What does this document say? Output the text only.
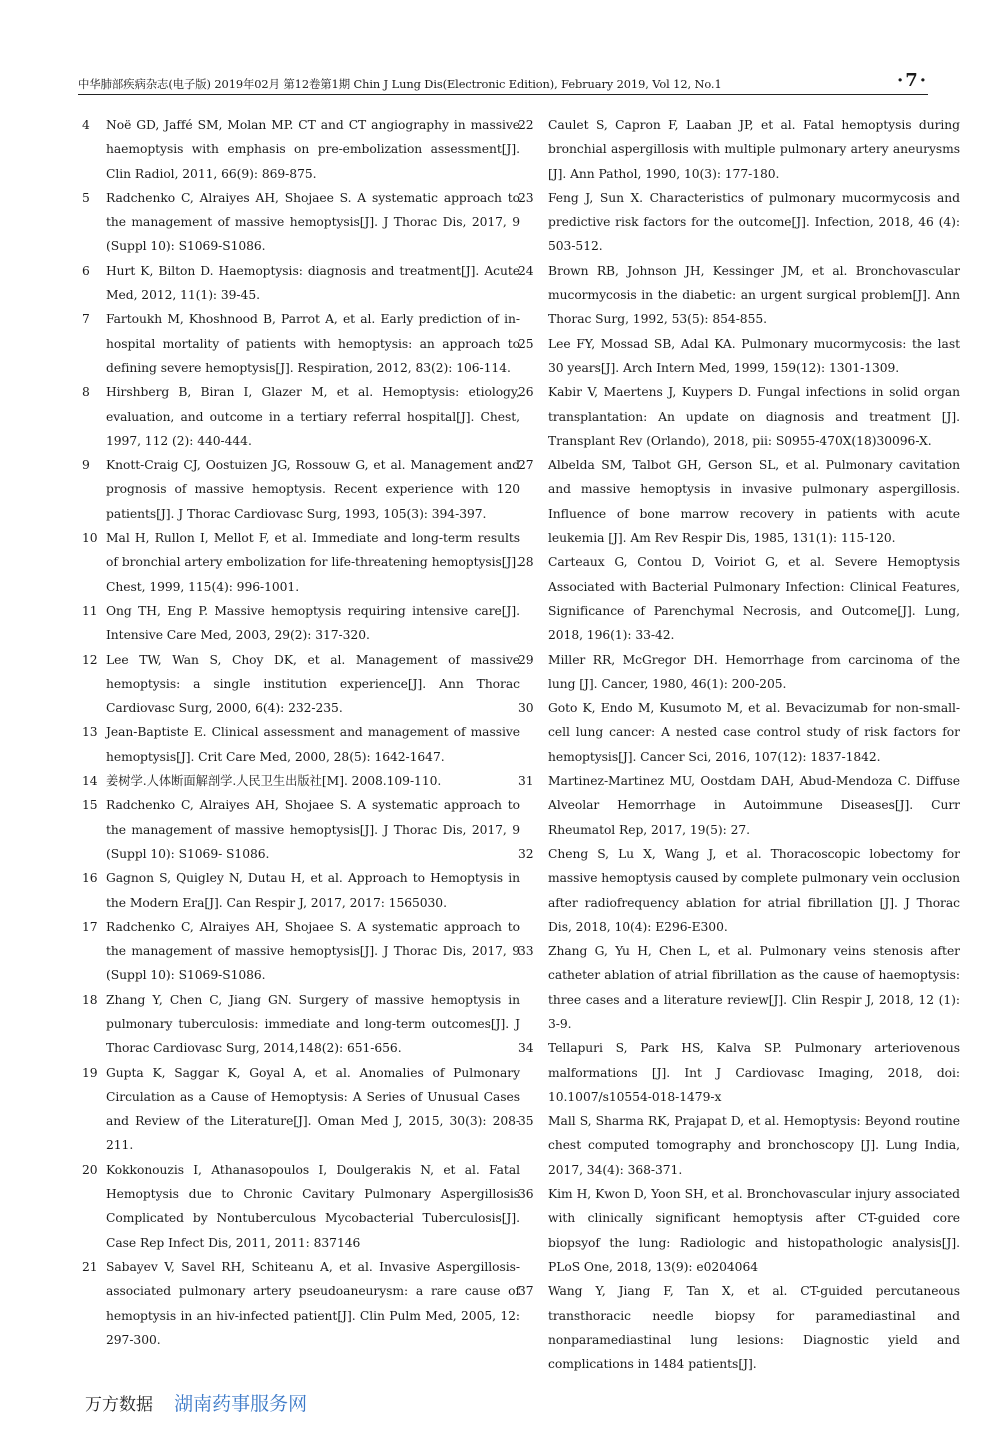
中华肺部疾病杂志(电子版) 2019年02月 第12卷第1期 Chin J Lung Dis(Electronic Edition), February 2019, Vol 12, No.1	·7·
4 Noë GD, Jaffé SM, Molan MP. CT and CT angiography in massive haemoptysis with emphasis on pre-embolization assessment[J]. Clin Radiol, 2011, 66(9): 869-875.
5 Radchenko C, Alraiyes AH, Shojaee S. A systematic approach to the management of massive hemoptysis[J]. J Thorac Dis, 2017, 9 (Suppl 10): S1069-S1086.
6 Hurt K, Bilton D. Haemoptysis: diagnosis and treatment[J]. Acute Med, 2012, 11(1): 39-45.
7 Fartoukh M, Khoshnood B, Parrot A, et al. Early prediction of in-hospital mortality of patients with hemoptysis: an approach to defining severe hemoptysis[J]. Respiration, 2012, 83(2): 106-114.
8 Hirshberg B, Biran I, Glazer M, et al. Hemoptysis: etiology, evaluation, and outcome in a tertiary referral hospital[J]. Chest, 1997, 112 (2): 440-444.
9 Knott-Craig CJ, Oostuizen JG, Rossouw G, et al. Management and prognosis of massive hemoptysis. Recent experience with 120 patients[J]. J Thorac Cardiovasc Surg, 1993, 105(3): 394-397.
10 Mal H, Rullon I, Mellot F, et al. Immediate and long-term results of bronchial artery embolization for life-threatening hemoptysis[J]. Chest, 1999, 115(4): 996-1001.
11 Ong TH, Eng P. Massive hemoptysis requiring intensive care[J]. Intensive Care Med, 2003, 29(2): 317-320.
12 Lee TW, Wan S, Choy DK, et al. Management of massive hemoptysis: a single institution experience[J]. Ann Thorac Cardiovasc Surg, 2000, 6(4): 232-235.
13 Jean-Baptiste E. Clinical assessment and management of massive hemoptysis[J]. Crit Care Med, 2000, 28(5): 1642-1647.
14 姜树学.人体断面解剖学.人民卫生出版社[M]. 2008.109-110.
15 Radchenko C, Alraiyes AH, Shojaee S. A systematic approach to the management of massive hemoptysis[J]. J Thorac Dis, 2017, 9 (Suppl 10): S1069- S1086.
16 Gagnon S, Quigley N, Dutau H, et al. Approach to Hemoptysis in the Modern Era[J]. Can Respir J, 2017, 2017: 1565030.
17 Radchenko C, Alraiyes AH, Shojaee S. A systematic approach to the management of massive hemoptysis[J]. J Thorac Dis, 2017, 9 (Suppl 10): S1069-S1086.
18 Zhang Y, Chen C, Jiang GN. Surgery of massive hemoptysis in pulmonary tuberculosis: immediate and long-term outcomes[J]. J Thorac Cardiovasc Surg, 2014,148(2): 651-656.
19 Gupta K, Saggar K, Goyal A, et al. Anomalies of Pulmonary Circulation as a Cause of Hemoptysis: A Series of Unusual Cases and Review of the Literature[J]. Oman Med J, 2015, 30(3): 208-211.
20 Kokkonouzis I, Athanasopoulos I, Doulgerakis N, et al. Fatal Hemoptysis due to Chronic Cavitary Pulmonary Aspergillosis Complicated by Nontuberculous Mycobacterial Tuberculosis[J]. Case Rep Infect Dis, 2011, 2011: 837146
21 Sabayev V, Savel RH, Schiteanu A, et al. Invasive Aspergillosis-associated pulmonary artery pseudoaneurysm: a rare cause of hemoptysis in an hiv-infected patient[J]. Clin Pulm Med, 2005, 12: 297-300.
22 Caulet S, Capron F, Laaban JP, et al. Fatal hemoptysis during bronchial aspergillosis with multiple pulmonary artery aneurysms [J]. Ann Pathol, 1990, 10(3): 177-180.
23 Feng J, Sun X. Characteristics of pulmonary mucormycosis and predictive risk factors for the outcome[J]. Infection, 2018, 46 (4): 503-512.
24 Brown RB, Johnson JH, Kessinger JM, et al. Bronchovascular mucormycosis in the diabetic: an urgent surgical problem[J]. Ann Thorac Surg, 1992, 53(5): 854-855.
25 Lee FY, Mossad SB, Adal KA. Pulmonary mucormycosis: the last 30 years[J]. Arch Intern Med, 1999, 159(12): 1301-1309.
26 Kabir V, Maertens J, Kuypers D. Fungal infections in solid organ transplantation: An update on diagnosis and treatment [J]. Transplant Rev (Orlando), 2018, pii: S0955-470X(18)30096-X.
27 Albelda SM, Talbot GH, Gerson SL, et al. Pulmonary cavitation and massive hemoptysis in invasive pulmonary aspergillosis. Influence of bone marrow recovery in patients with acute leukemia [J]. Am Rev Respir Dis, 1985, 131(1): 115-120.
28 Carteaux G, Contou D, Voiriot G, et al. Severe Hemoptysis Associated with Bacterial Pulmonary Infection: Clinical Features, Significance of Parenchymal Necrosis, and Outcome[J]. Lung, 2018, 196(1): 33-42.
29 Miller RR, McGregor DH. Hemorrhage from carcinoma of the lung [J]. Cancer, 1980, 46(1): 200-205.
30 Goto K, Endo M, Kusumoto M, et al. Bevacizumab for non-small-cell lung cancer: A nested case control study of risk factors for hemoptysis[J]. Cancer Sci, 2016, 107(12): 1837-1842.
31 Martinez-Martinez MU, Oostdam DAH, Abud-Mendoza C. Diffuse Alveolar Hemorrhage in Autoimmune Diseases[J]. Curr Rheumatol Rep, 2017, 19(5): 27.
32 Cheng S, Lu X, Wang J, et al. Thoracoscopic lobectomy for massive hemoptysis caused by complete pulmonary vein occlusion after radiofrequency ablation for atrial fibrillation [J]. J Thorac Dis, 2018, 10(4): E296-E300.
33 Zhang G, Yu H, Chen L, et al. Pulmonary veins stenosis after catheter ablation of atrial fibrillation as the cause of haemoptysis: three cases and a literature review[J]. Clin Respir J, 2018, 12 (1): 3-9.
34 Tellapuri S, Park HS, Kalva SP. Pulmonary arteriovenous malformations [J]. Int J Cardiovasc Imaging, 2018, doi: 10.1007/s10554-018-1479-x
35 Mall S, Sharma RK, Prajapat D, et al. Hemoptysis: Beyond routine chest computed tomography and bronchoscopy [J]. Lung India, 2017, 34(4): 368-371.
36 Kim H, Kwon D, Yoon SH, et al. Bronchovascular injury associated with clinically significant hemoptysis after CT-guided core biopsyof the lung: Radiologic and histopathologic analysis[J]. PLoS One, 2018, 13(9): e0204064
37 Wang Y, Jiang F, Tan X, et al. CT-guided percutaneous transthoracic needle biopsy for paramediastinal and nonparamediastinal lung lesions: Diagnostic yield and complications in 1484 patients[J].
万方数据 湖南药事服务网
